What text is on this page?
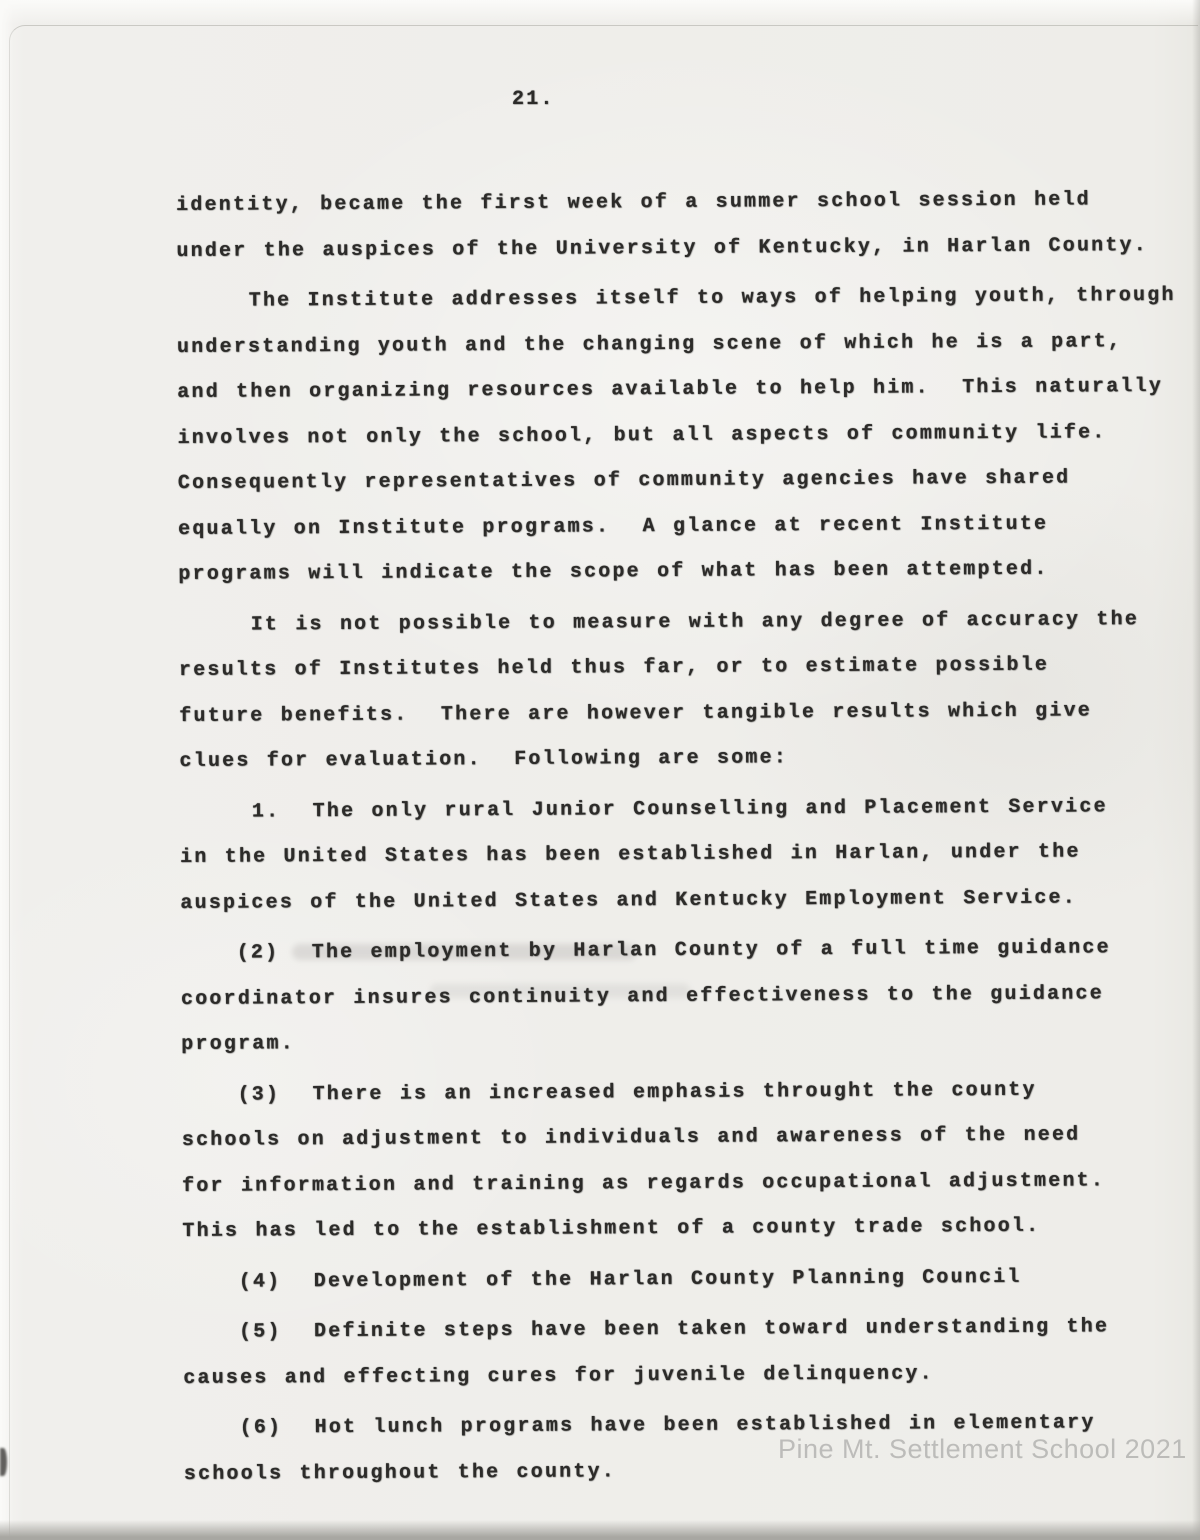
21.
identity, became the first week of a summer school session held
under the auspices of the University of Kentucky, in Harlan County.
The Institute addresses itself to ways of helping youth, through
understanding youth and the changing scene of which he is a part,
and then organizing resources available to help him.  This naturally
involves not only the school, but all aspects of community life.
Consequently representatives of community agencies have shared
equally on Institute programs.  A glance at recent Institute
programs will indicate the scope of what has been attempted.
It is not possible to measure with any degree of accuracy the
results of Institutes held thus far, or to estimate possible
future benefits.  There are however tangible results which give
clues for evaluation.  Following are some:
1.  The only rural Junior Counselling and Placement Service
in the United States has been established in Harlan, under the
auspices of the United States and Kentucky Employment Service.
(2)  The employment by Harlan County of a full time guidance
coordinator insures continuity and effectiveness to the guidance
program.
(3)  There is an increased emphasis throught the county
schools on adjustment to individuals and awareness of the need
for information and training as regards occupational adjustment.
This has led to the establishment of a county trade school.
(4)  Development of the Harlan County Planning Council
(5)  Definite steps have been taken toward understanding the
causes and effecting cures for juvenile delinquency.
(6)  Hot lunch programs have been established in elementary
schools throughout the county.
Pine Mt. Settlement School 2021
